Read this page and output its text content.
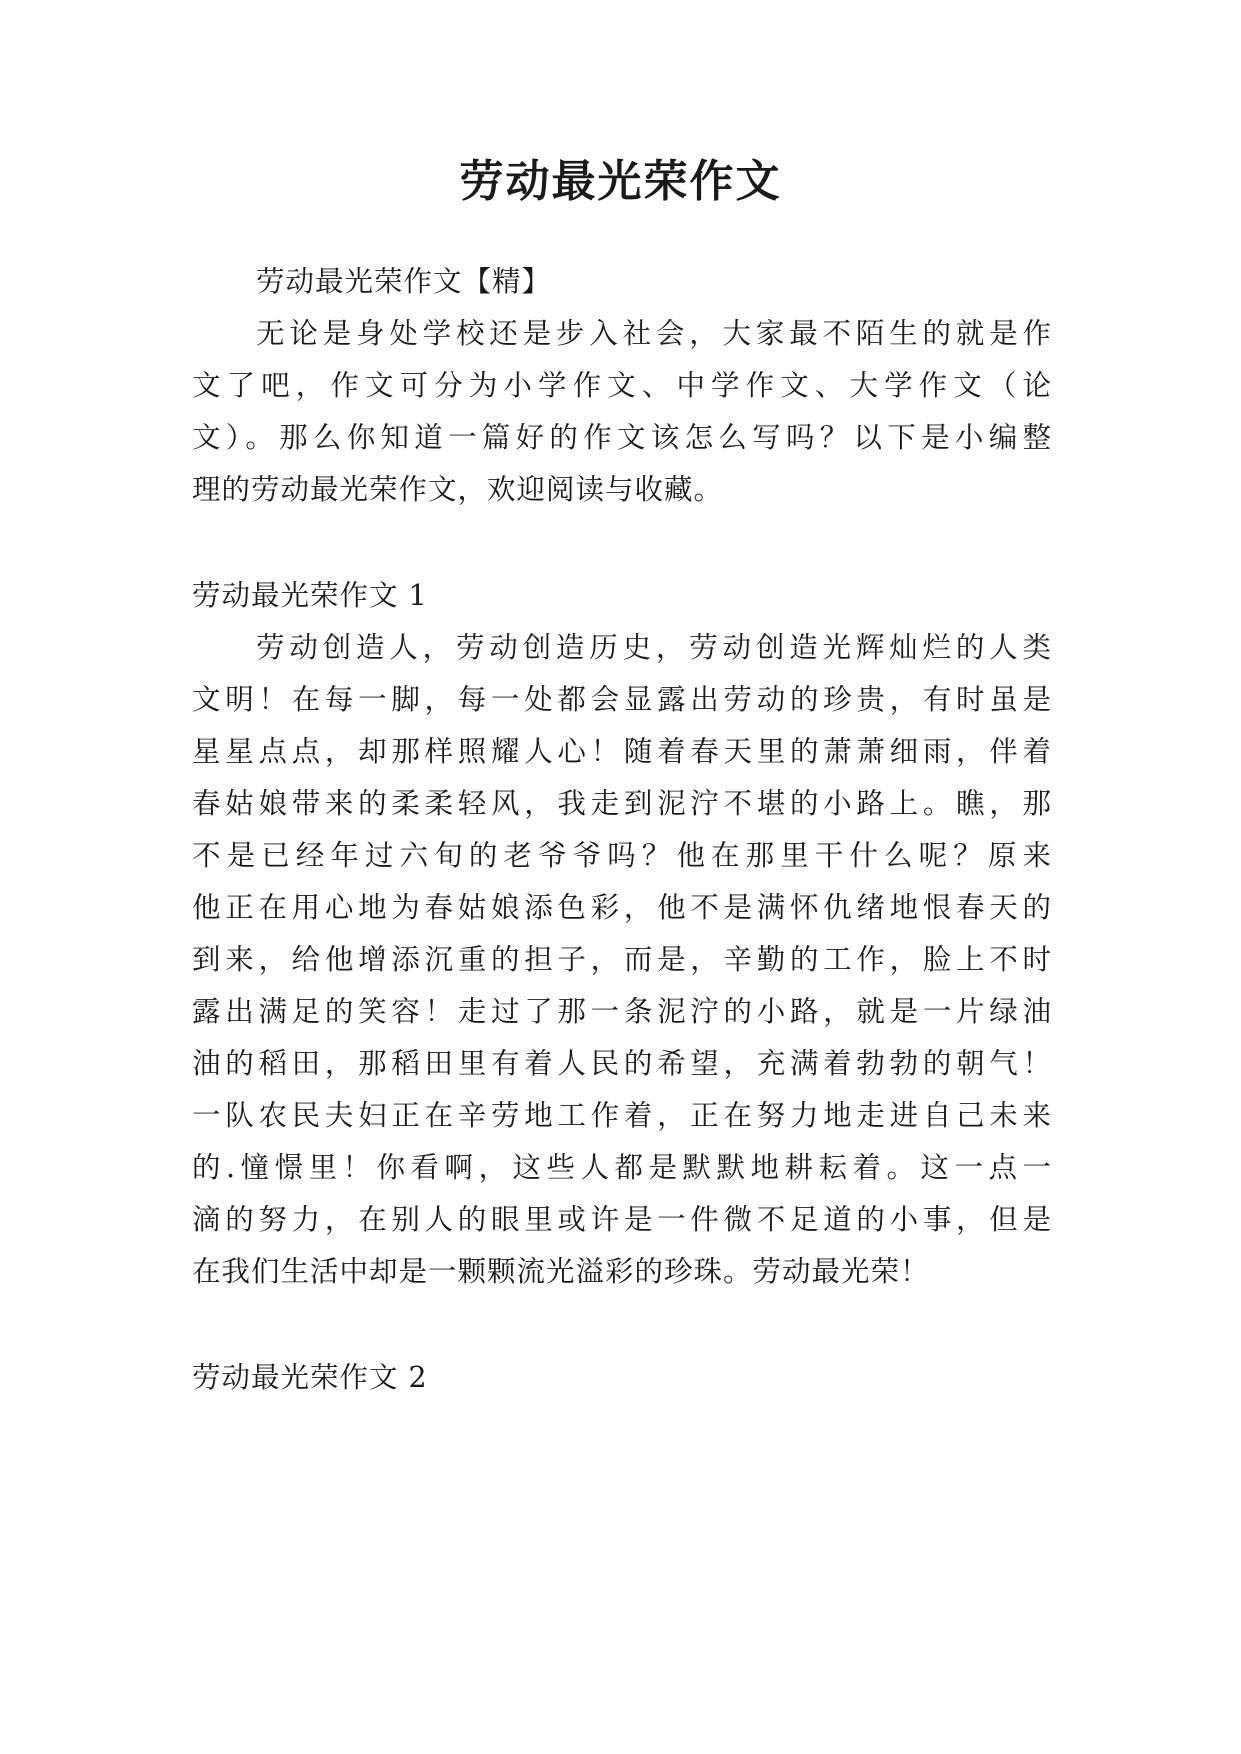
劳动最光荣作文
劳动最光荣作文【精】
无论是身处学校还是步入社会，大家最不陌生的就是作
文了吧，作文可分为小学作文、中学作文、大学作文（论
文）。那么你知道一篇好的作文该怎么写吗？以下是小编整
理的劳动最光荣作文，欢迎阅读与收藏。
劳动最光荣作文 1
劳动创造人，劳动创造历史，劳动创造光辉灿烂的人类
文明！在每一脚，每一处都会显露出劳动的珍贵，有时虽是
星星点点，却那样照耀人心！随着春天里的萧萧细雨，伴着
春姑娘带来的柔柔轻风，我走到泥泞不堪的小路上。瞧，那
不是已经年过六旬的老爷爷吗？他在那里干什么呢？原来
他正在用心地为春姑娘添色彩，他不是满怀仇绪地恨春天的
到来，给他增添沉重的担子，而是，辛勤的工作，脸上不时
露出满足的笑容！走过了那一条泥泞的小路，就是一片绿油
油的稻田，那稻田里有着人民的希望，充满着勃勃的朝气！
一队农民夫妇正在辛劳地工作着，正在努力地走进自己未来
的.憧憬里！你看啊，这些人都是默默地耕耘着。这一点一
滴的努力，在别人的眼里或许是一件微不足道的小事，但是
在我们生活中却是一颗颗流光溢彩的珍珠。劳动最光荣！
劳动最光荣作文 2
